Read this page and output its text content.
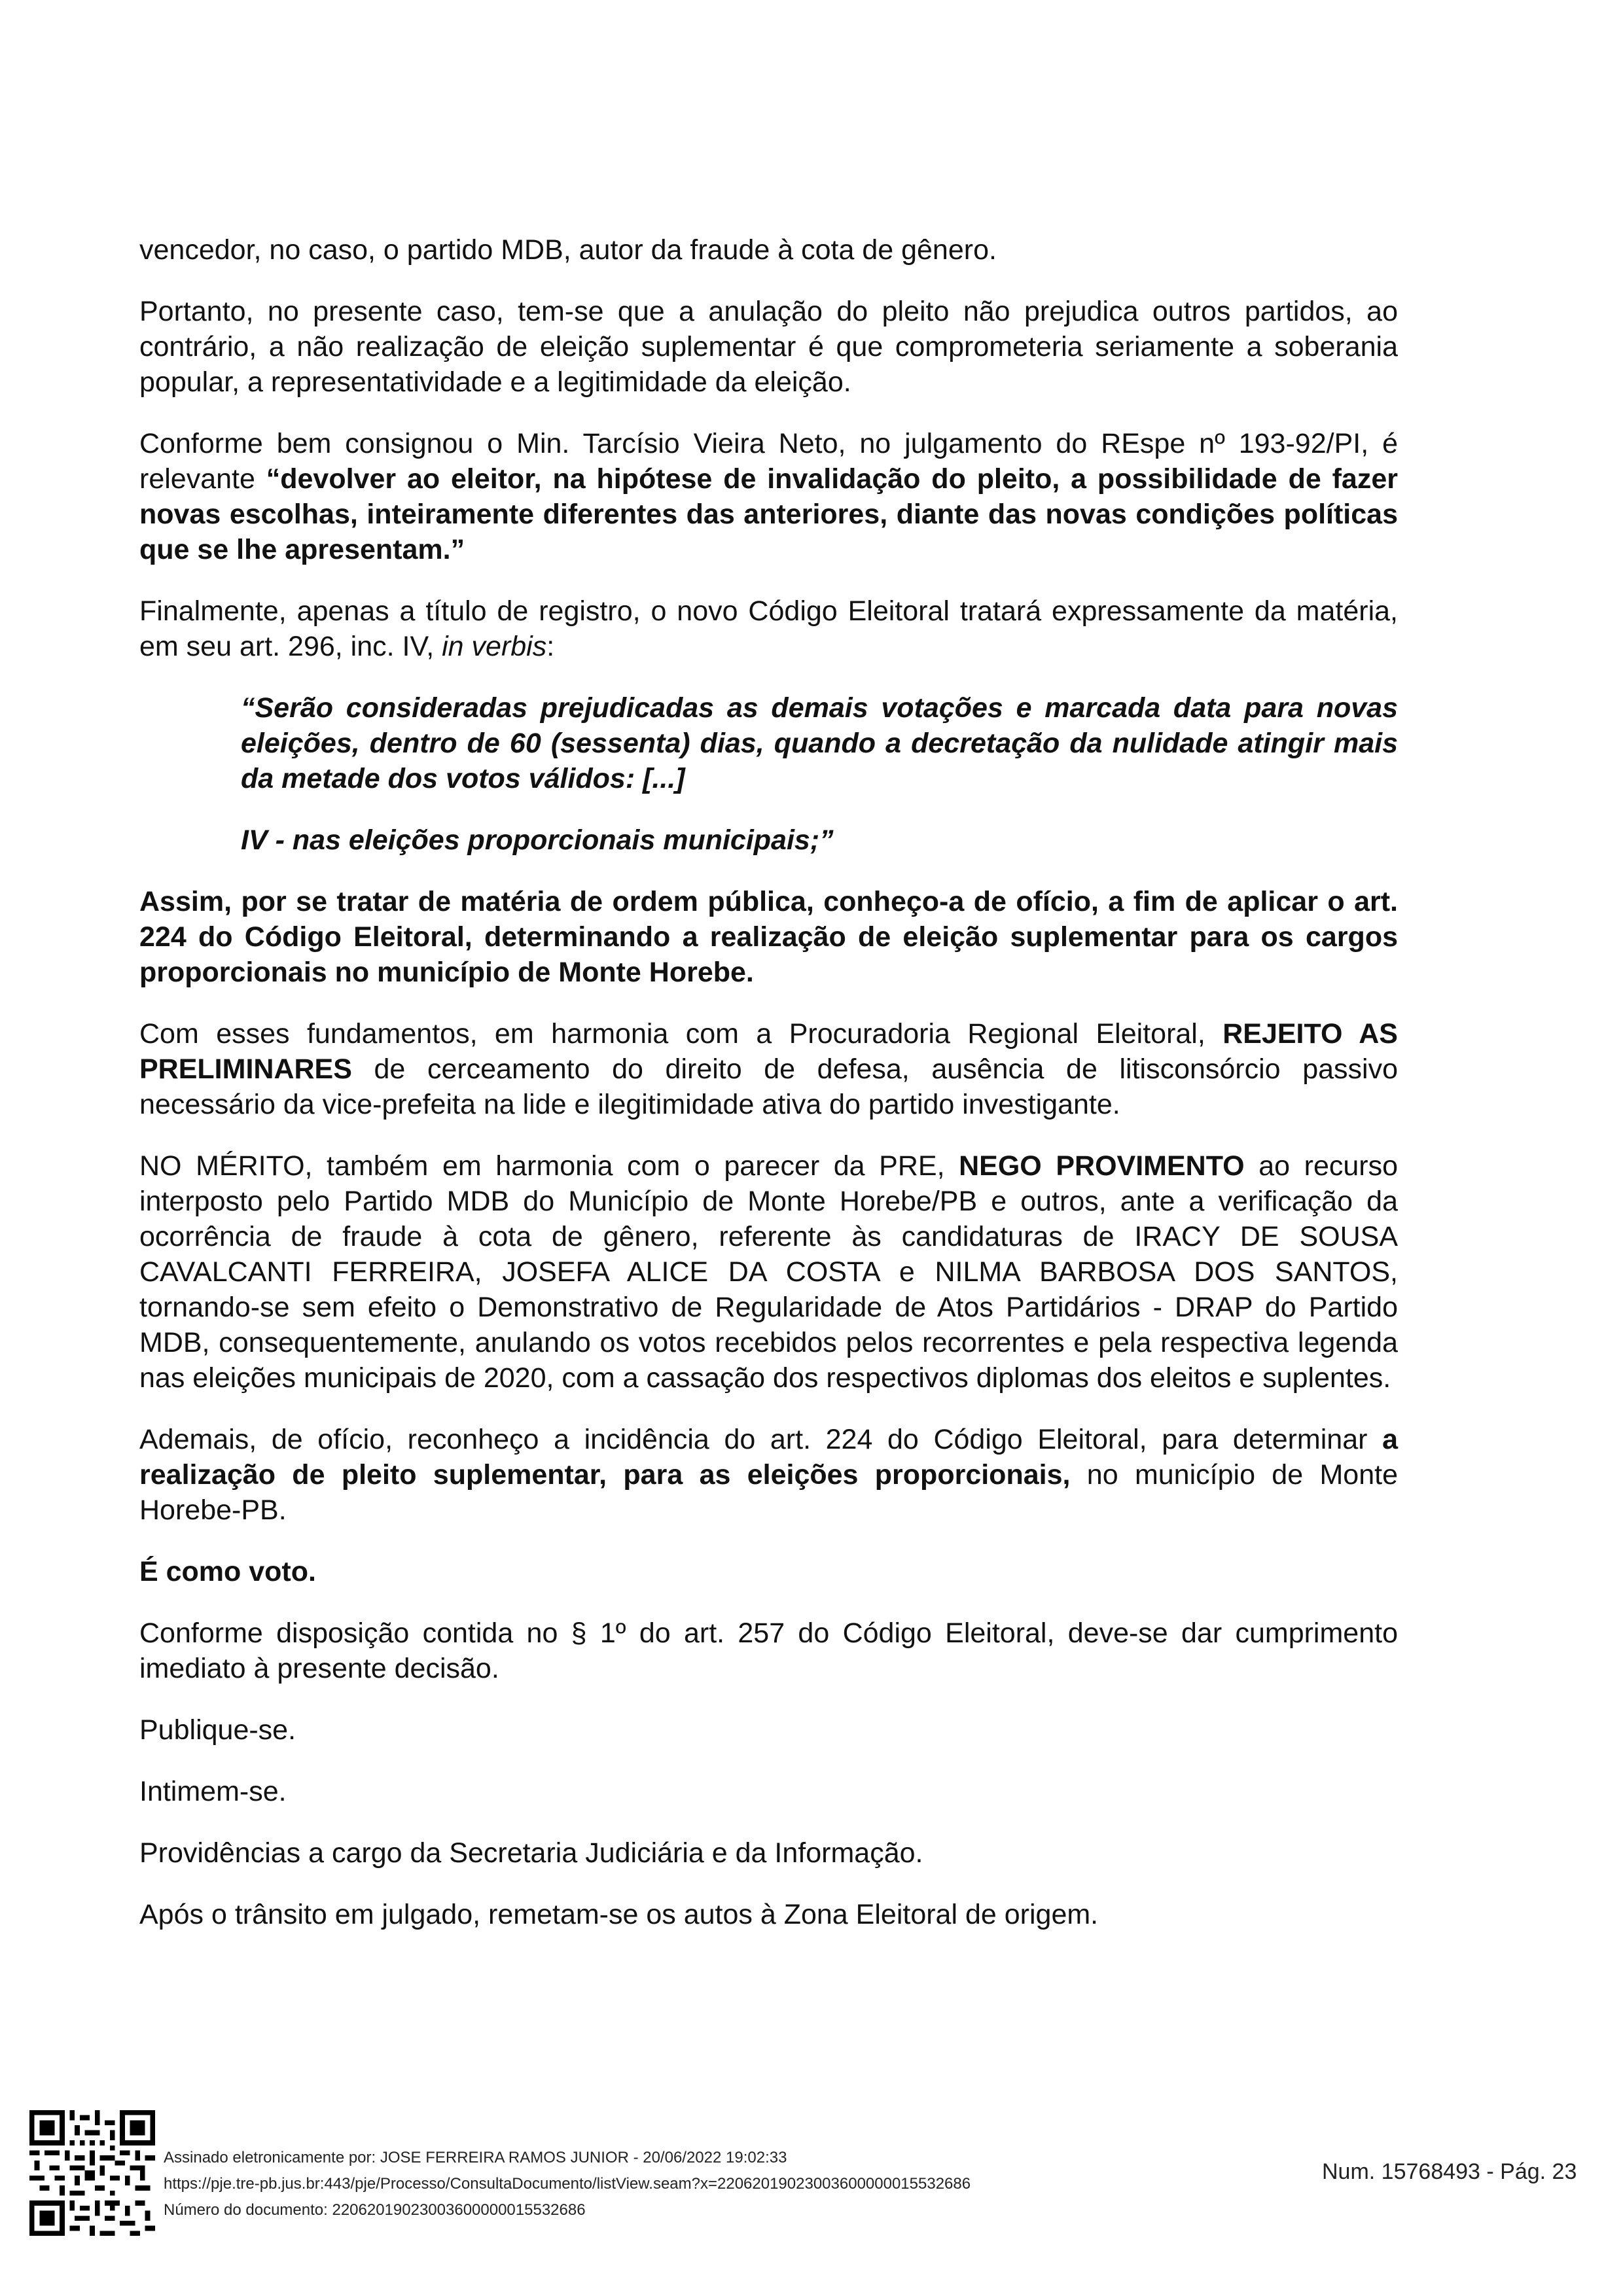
vencedor, no caso, o partido MDB, autor da fraude à cota de gênero.

Portanto, no presente caso, tem-se que a anulação do pleito não prejudica outros partidos, ao contrário, a não realização de eleição suplementar é que comprometeria seriamente a soberania popular, a representatividade e a legitimidade da eleição.

Conforme bem consignou o Min. Tarcísio Vieira Neto, no julgamento do REspe nº 193-92/PI, é relevante “devolver ao eleitor, na hipótese de invalidação do pleito, a possibilidade de fazer novas escolhas, inteiramente diferentes das anteriores, diante das novas condições políticas que se lhe apresentam.”

Finalmente, apenas a título de registro, o novo Código Eleitoral tratará expressamente da matéria, em seu art. 296, inc. IV, in verbis:

“Serão consideradas prejudicadas as demais votações e marcada data para novas eleições, dentro de 60 (sessenta) dias, quando a decretação da nulidade atingir mais da metade dos votos válidos: [...]

IV - nas eleições proporcionais municipais;”

Assim, por se tratar de matéria de ordem pública, conheço-a de ofício, a fim de aplicar o art. 224 do Código Eleitoral, determinando a realização de eleição suplementar para os cargos proporcionais no município de Monte Horebe.

Com esses fundamentos, em harmonia com a Procuradoria Regional Eleitoral, REJEITO AS PRELIMINARES de cerceamento do direito de defesa, ausência de litisconsórcio passivo necessário da vice-prefeita na lide e ilegitimidade ativa do partido investigante.

NO MÉRITO, também em harmonia com o parecer da PRE, NEGO PROVIMENTO ao recurso interposto pelo Partido MDB do Município de Monte Horebe/PB e outros, ante a verificação da ocorrência de fraude à cota de gênero, referente às candidaturas de IRACY DE SOUSA CAVALCANTI FERREIRA, JOSEFA ALICE DA COSTA e NILMA BARBOSA DOS SANTOS, tornando-se sem efeito o Demonstrativo de Regularidade de Atos Partidários - DRAP do Partido MDB, consequentemente, anulando os votos recebidos pelos recorrentes e pela respectiva legenda nas eleições municipais de 2020, com a cassação dos respectivos diplomas dos eleitos e suplentes.

Ademais, de ofício, reconheço a incidência do art. 224 do Código Eleitoral, para determinar a realização de pleito suplementar, para as eleições proporcionais, no município de Monte Horebe-PB.

É como voto.

Conforme disposição contida no § 1º do art. 257 do Código Eleitoral, deve-se dar cumprimento imediato à presente decisão.

Publique-se.

Intimem-se.

Providências a cargo da Secretaria Judiciária e da Informação.

Após o trânsito em julgado, remetam-se os autos à Zona Eleitoral de origem.

Assinado eletronicamente por: JOSE FERREIRA RAMOS JUNIOR - 20/06/2022 19:02:33
https://pje.tre-pb.jus.br:443/pje/Processo/ConsultaDocumento/listView.seam?x=22062019023003600000015532686
Número do documento: 22062019023003600000015532686
Num. 15768493 - Pág. 23
